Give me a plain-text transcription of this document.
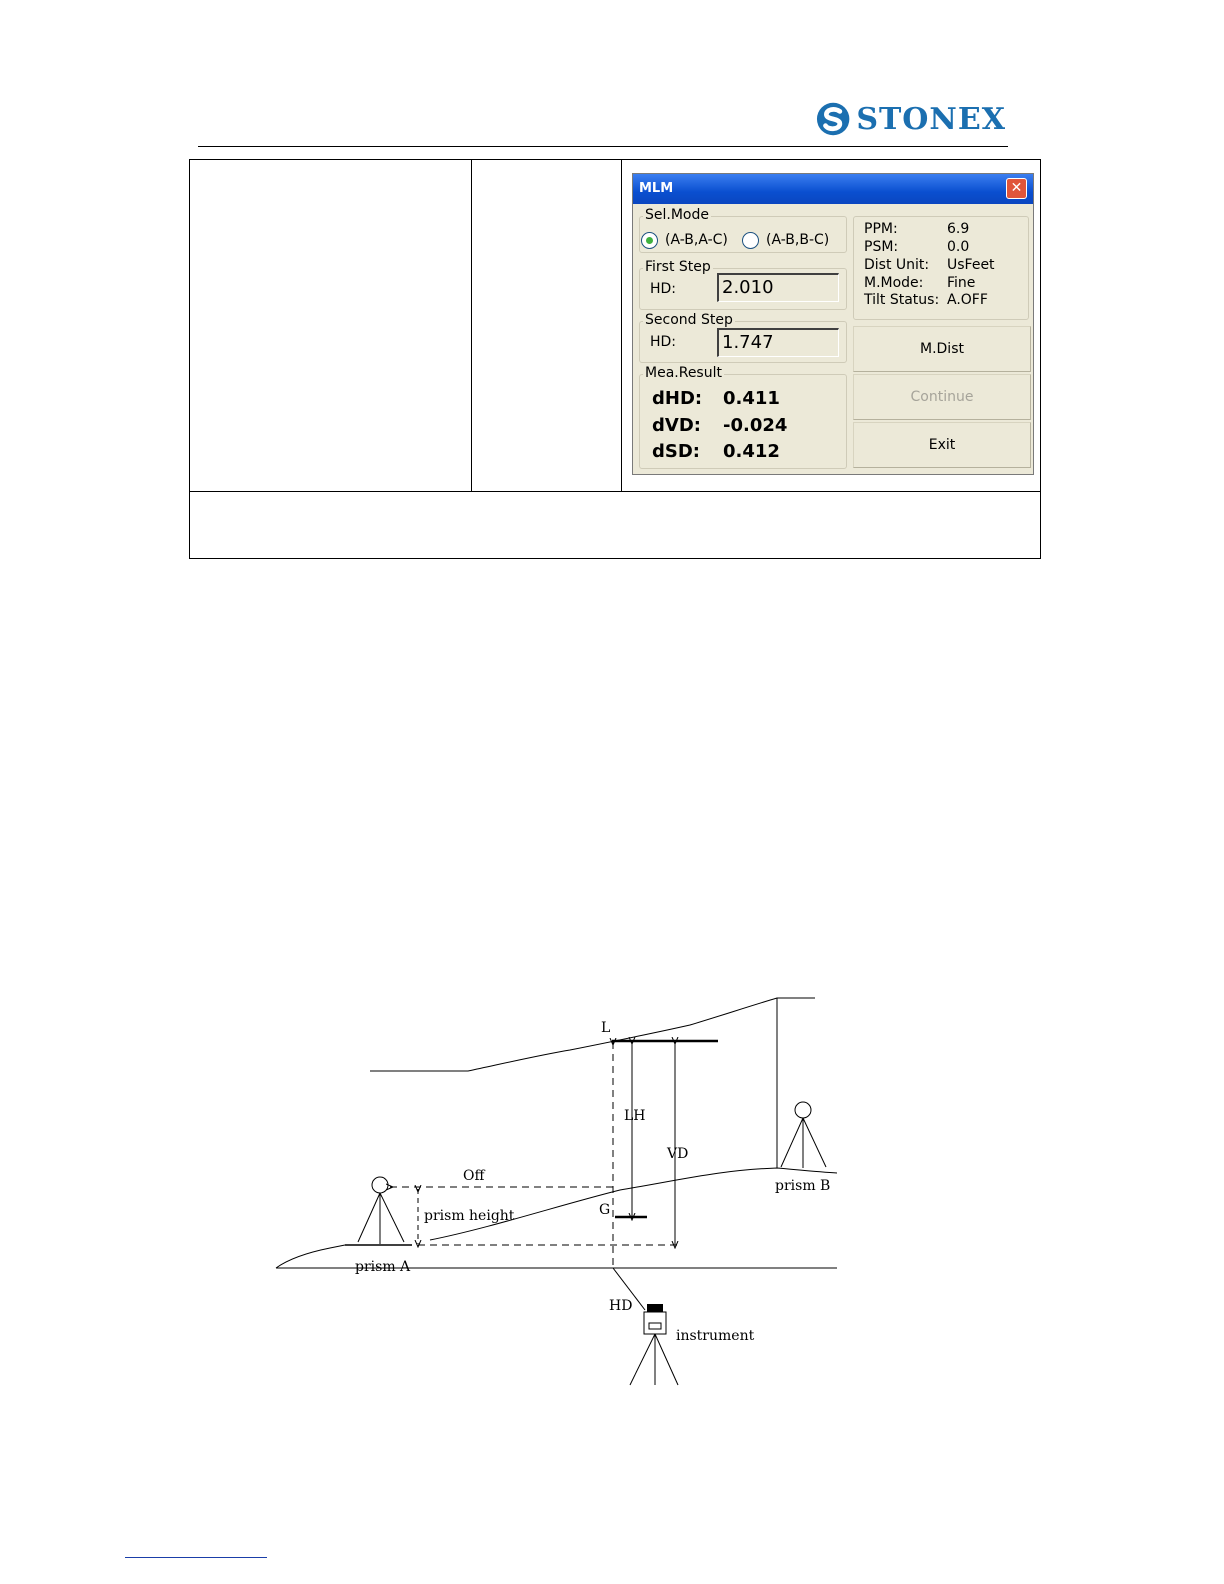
STONEX
MLM	✕
Sel.Mode
(A-B,A-C)	(A-B,B-C)
First Step
HD:	2.010
Second Step
HD:	1.747
Mea.Result
dHD: 0.411
dVD: -0.024
dSD: 0.412
PPM:	6.9
PSM:	0.0
Dist Unit: UsFeet
M.Mode: Fine
Tilt Status: A.OFF
M.Dist
Continue
Exit
L
LH
VD
Off
G
prism height
prism A
prism B
HD
instrument
